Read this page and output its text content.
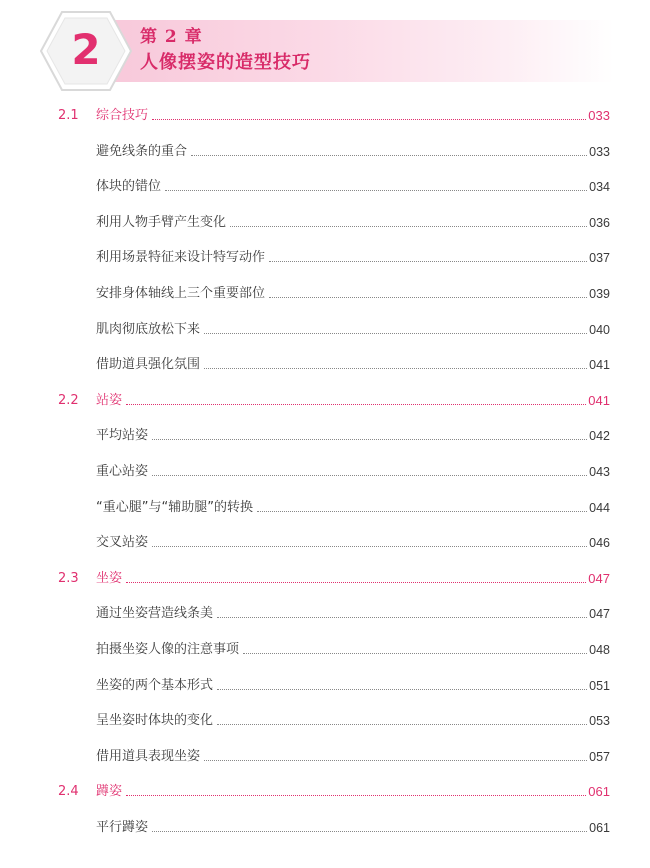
2	第 2 章
人像摆姿的造型技巧
2.1	综合技巧	033
避免线条的重合	033
体块的错位	034
利用人物手臂产生变化	036
利用场景特征来设计特写动作	037
安排身体轴线上三个重要部位	039
肌肉彻底放松下来	040
借助道具强化氛围	041
2.2	站姿	041
平均站姿	042
重心站姿	043
“重心腿”与“辅助腿”的转换	044
交叉站姿	046
2.3	坐姿	047
通过坐姿营造线条美	047
拍摄坐姿人像的注意事项	048
坐姿的两个基本形式	051
呈坐姿时体块的变化	053
借用道具表现坐姿	057
2.4	蹲姿	061
平行蹲姿	061
